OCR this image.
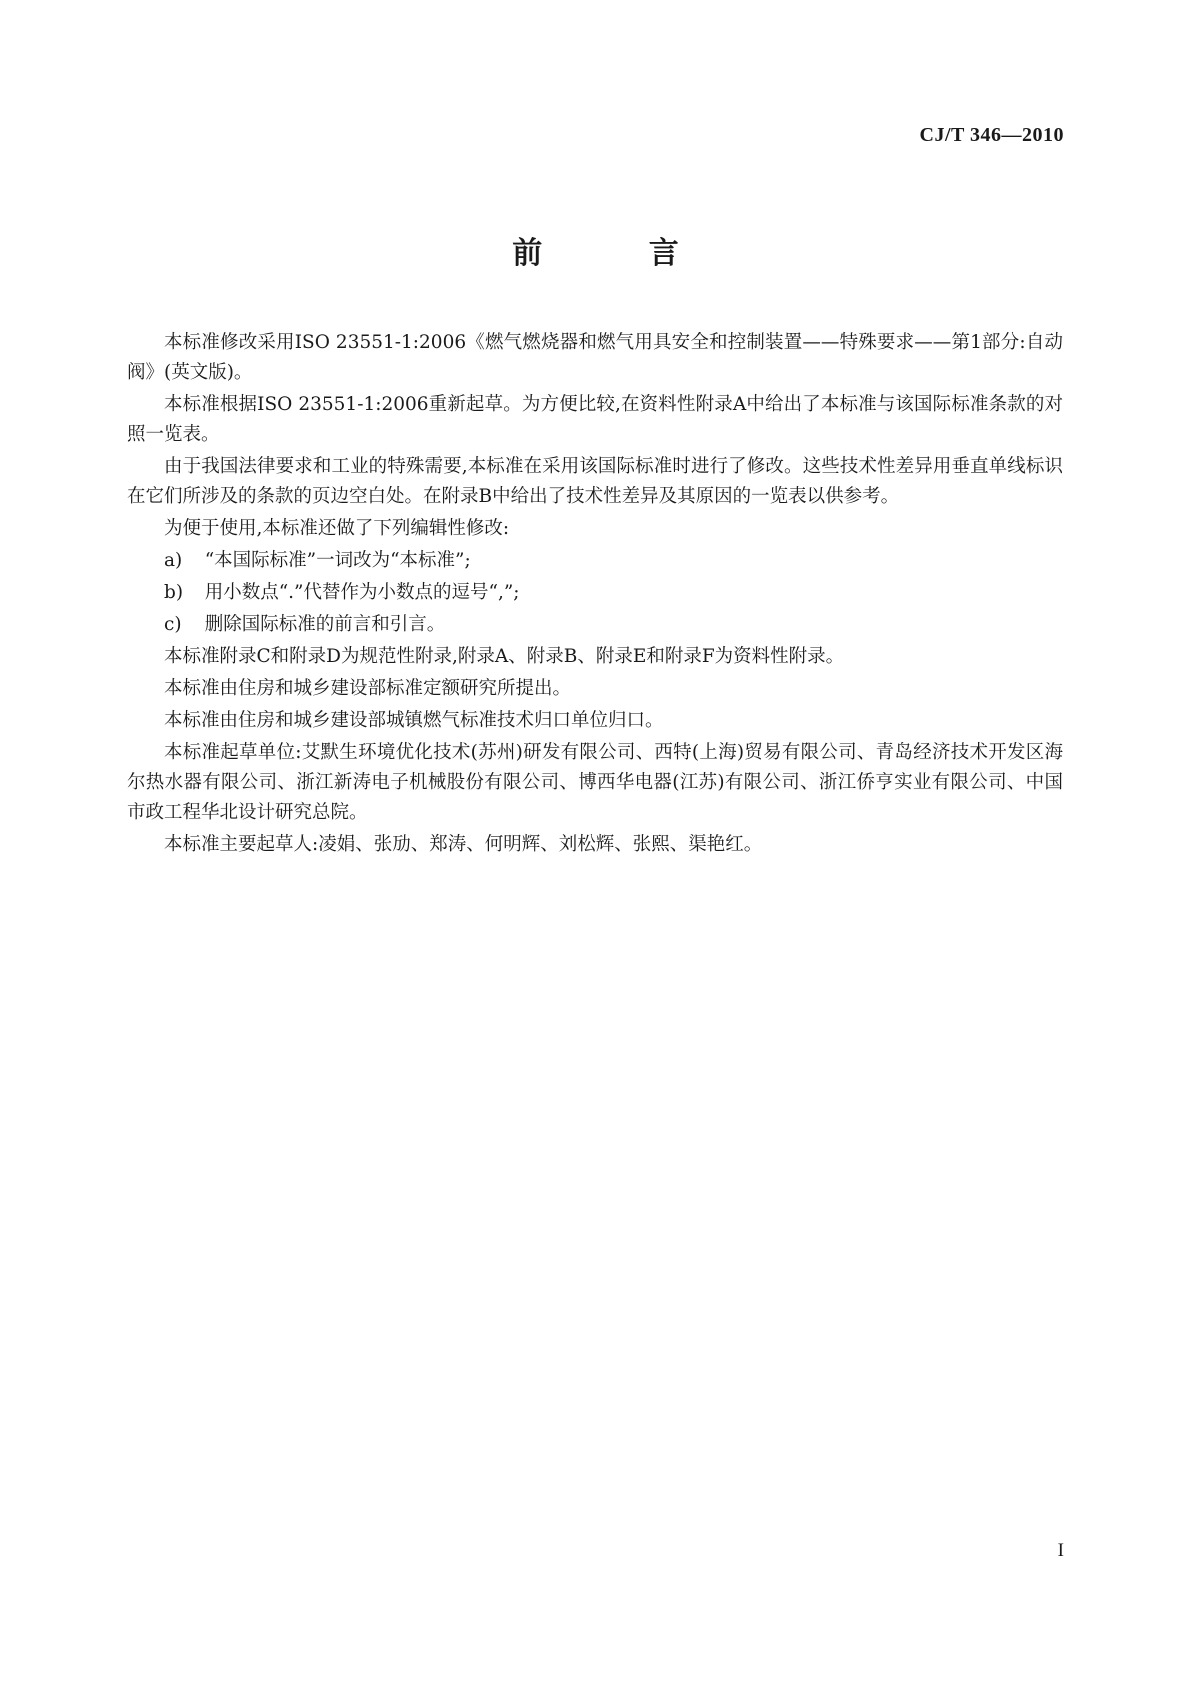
CJ/T 346—2010
前 言

本标准修改采用ISO 23551-1:2006《燃气燃烧器和燃气用具安全和控制装置——特殊要求——第1部分:自动阀》(英文版)。

本标准根据ISO 23551-1:2006重新起草。为方便比较,在资料性附录A中给出了本标准与该国际标准条款的对照一览表。

由于我国法律要求和工业的特殊需要,本标准在采用该国际标准时进行了修改。这些技术性差异用垂直单线标识在它们所涉及的条款的页边空白处。在附录B中给出了技术性差异及其原因的一览表以供参考。

为便于使用,本标准还做了下列编辑性修改:

a)	“本国际标准”一词改为“本标准”;
b)	用小数点“.”代替作为小数点的逗号“,”;
c)	删除国际标准的前言和引言。

本标准附录C和附录D为规范性附录,附录A、附录B、附录E和附录F为资料性附录。

本标准由住房和城乡建设部标准定额研究所提出。

本标准由住房和城乡建设部城镇燃气标准技术归口单位归口。

本标准起草单位:艾默生环境优化技术(苏州)研发有限公司、西特(上海)贸易有限公司、青岛经济技术开发区海尔热水器有限公司、浙江新涛电子机械股份有限公司、博西华电器(江苏)有限公司、浙江侨亨实业有限公司、中国市政工程华北设计研究总院。

本标准主要起草人:凌娟、张劢、郑涛、何明辉、刘松辉、张熙、渠艳红。

I
